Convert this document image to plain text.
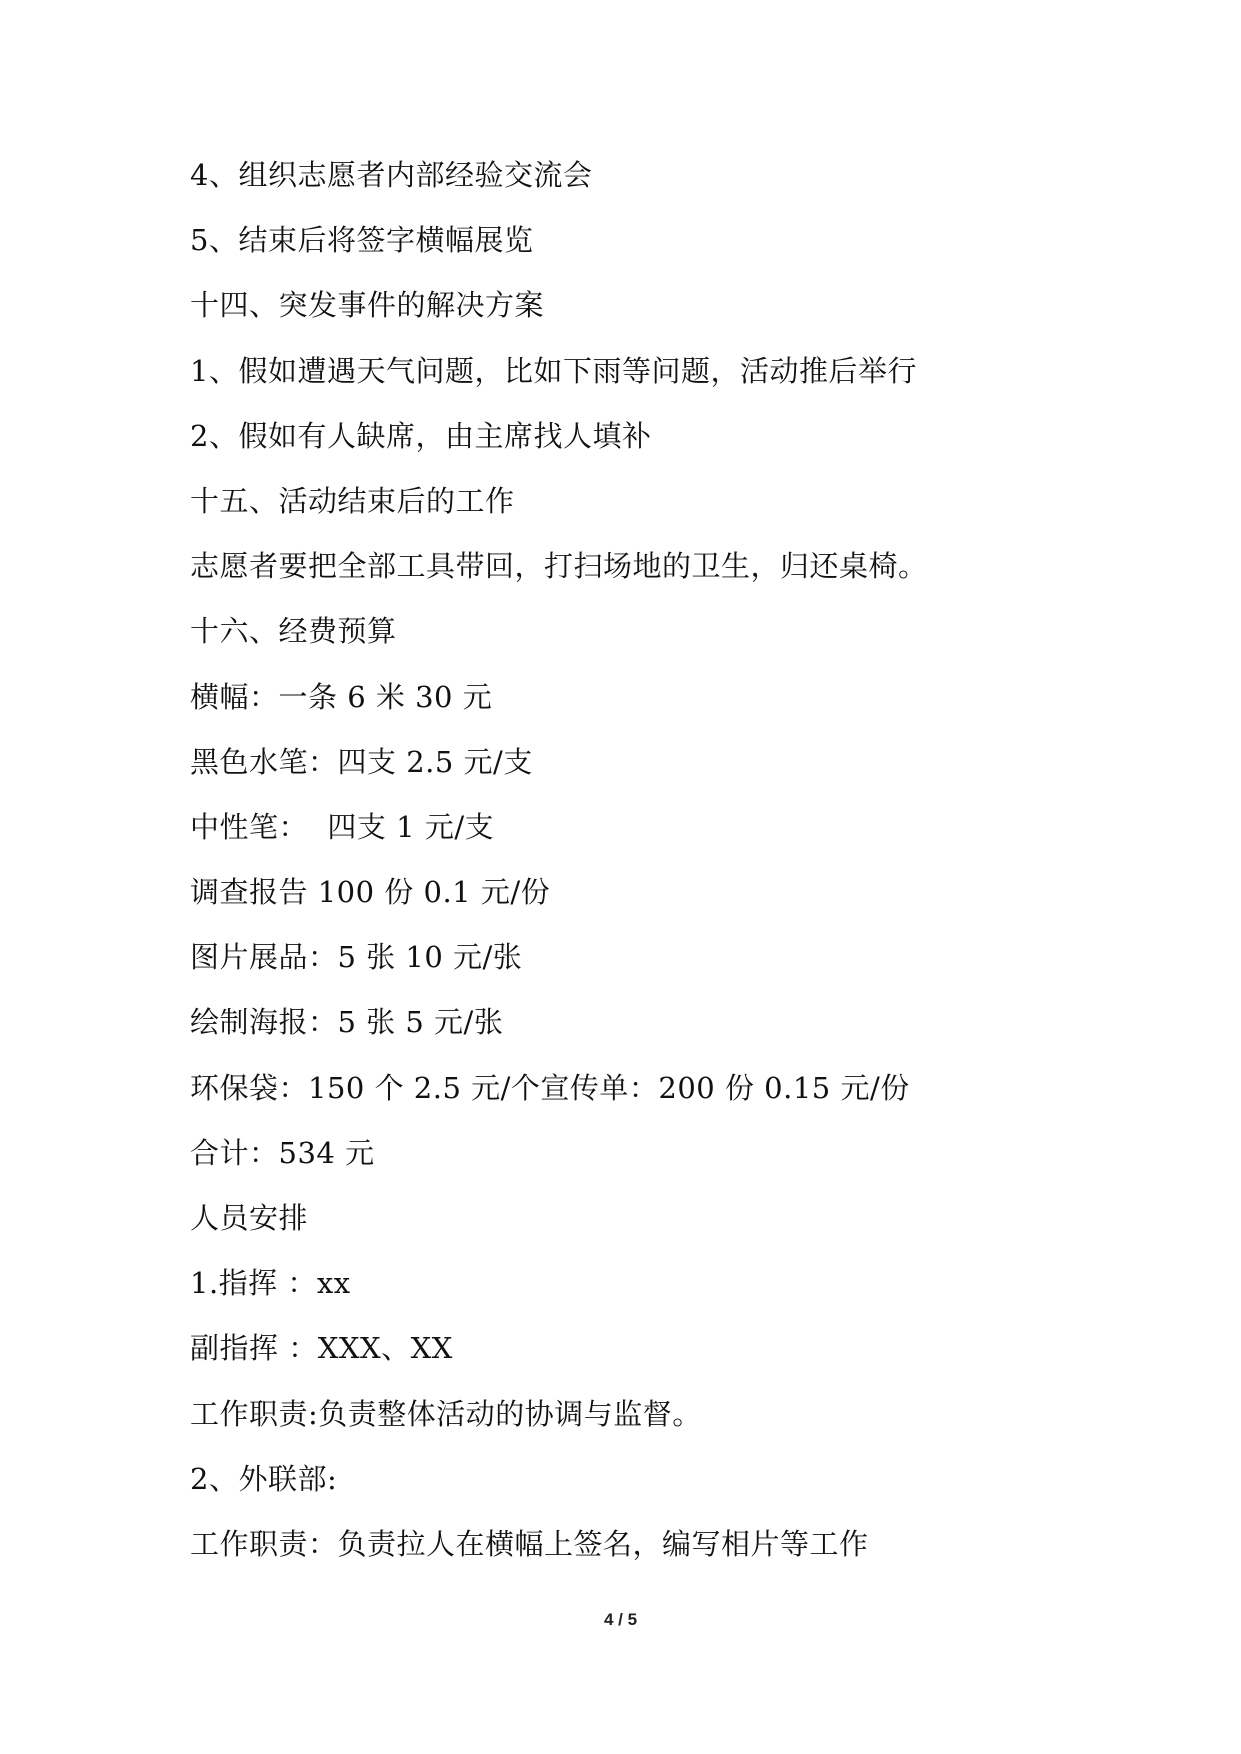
4、组织志愿者内部经验交流会
5、结束后将签字横幅展览
十四、突发事件的解决方案
1、假如遭遇天气问题，比如下雨等问题，活动推后举行
2、假如有人缺席，由主席找人填补
十五、活动结束后的工作
志愿者要把全部工具带回，打扫场地的卫生，归还桌椅。
十六、经费预算
横幅：一条 6 米 30 元
黑色水笔：四支 2.5 元/支
中性笔：  四支 1 元/支
调查报告 100 份 0.1 元/份
图片展品：5 张 10 元/张
绘制海报：5 张 5 元/张
环保袋：150 个 2.5 元/个宣传单：200 份 0.15 元/份
合计：534 元
人员安排
1.指挥 ：xx
副指挥 ：XXX、XX
工作职责:负责整体活动的协调与监督。
2、外联部:
工作职责：负责拉人在横幅上签名，编写相片等工作
4 / 5
